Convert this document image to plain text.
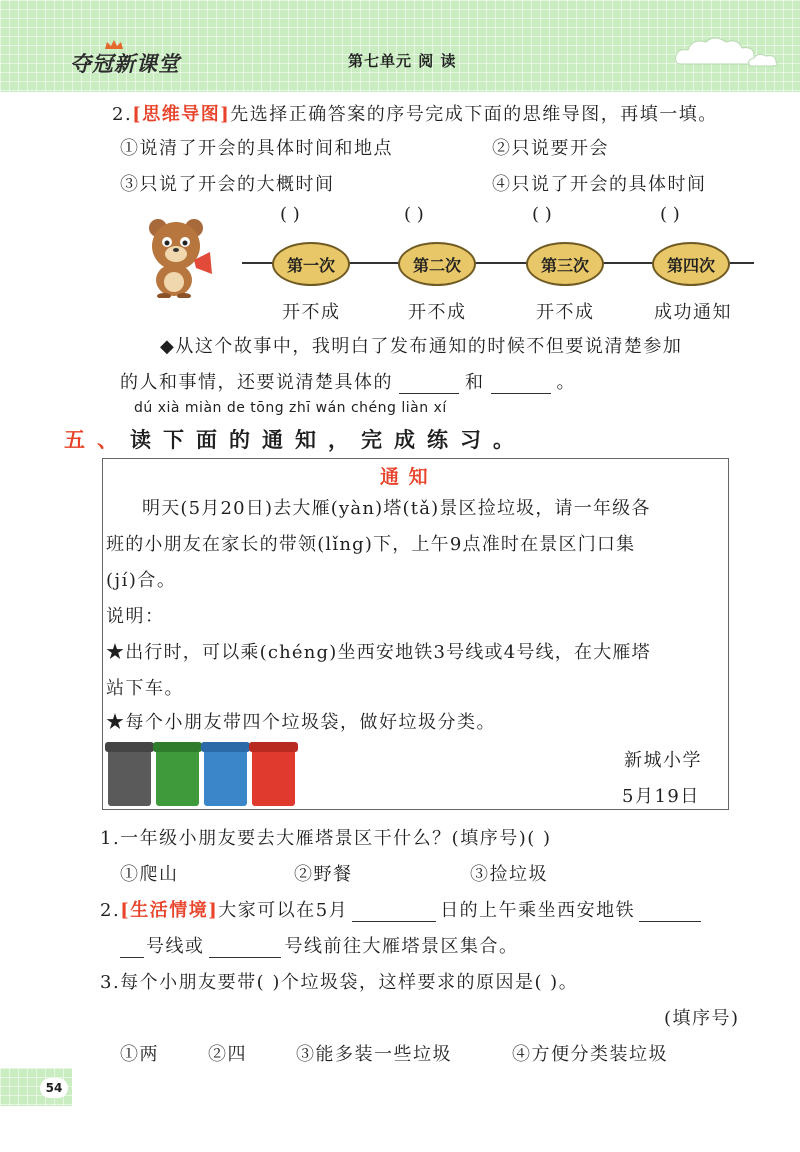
夺冠新课堂	第七单元 阅 读
2.[思维导图]先选择正确答案的序号完成下面的思维导图，再填一填。
①说清了开会的具体时间和地点	②只说要开会
③只说了开会的大概时间	④只说了开会的具体时间
( )	( )	( )	( )
第一次	第二次	第三次	第四次
开不成	开不成	开不成	成功通知
◆从这个故事中，我明白了发布通知的时候不但要说清楚参加
的人和事情，还要说清楚具体的	和	。
dú xià miàn de tōng zhī wán chéng liàn xí
五、读下面的通知，完成练习。
通 知
明天(5月20日)去大雁(yàn)塔(tǎ)景区捡垃圾，请一年级各
班的小朋友在家长的带领(lǐng)下，上午9点准时在景区门口集
(jí)合。
说明：
★出行时，可以乘(chéng)坐西安地铁3号线或4号线，在大雁塔
站下车。
★每个小朋友带四个垃圾袋，做好垃圾分类。
新城小学
5月19日
1.一年级小朋友要去大雁塔景区干什么？(填序号)( )
①爬山	②野餐	③捡垃圾
2.[生活情境]大家可以在5月	日的上午乘坐西安地铁
号线或	号线前往大雁塔景区集合。
3.每个小朋友要带( )个垃圾袋，这样要求的原因是( )。
(填序号)
①两	②四	③能多装一些垃圾	④方便分类装垃圾
54
